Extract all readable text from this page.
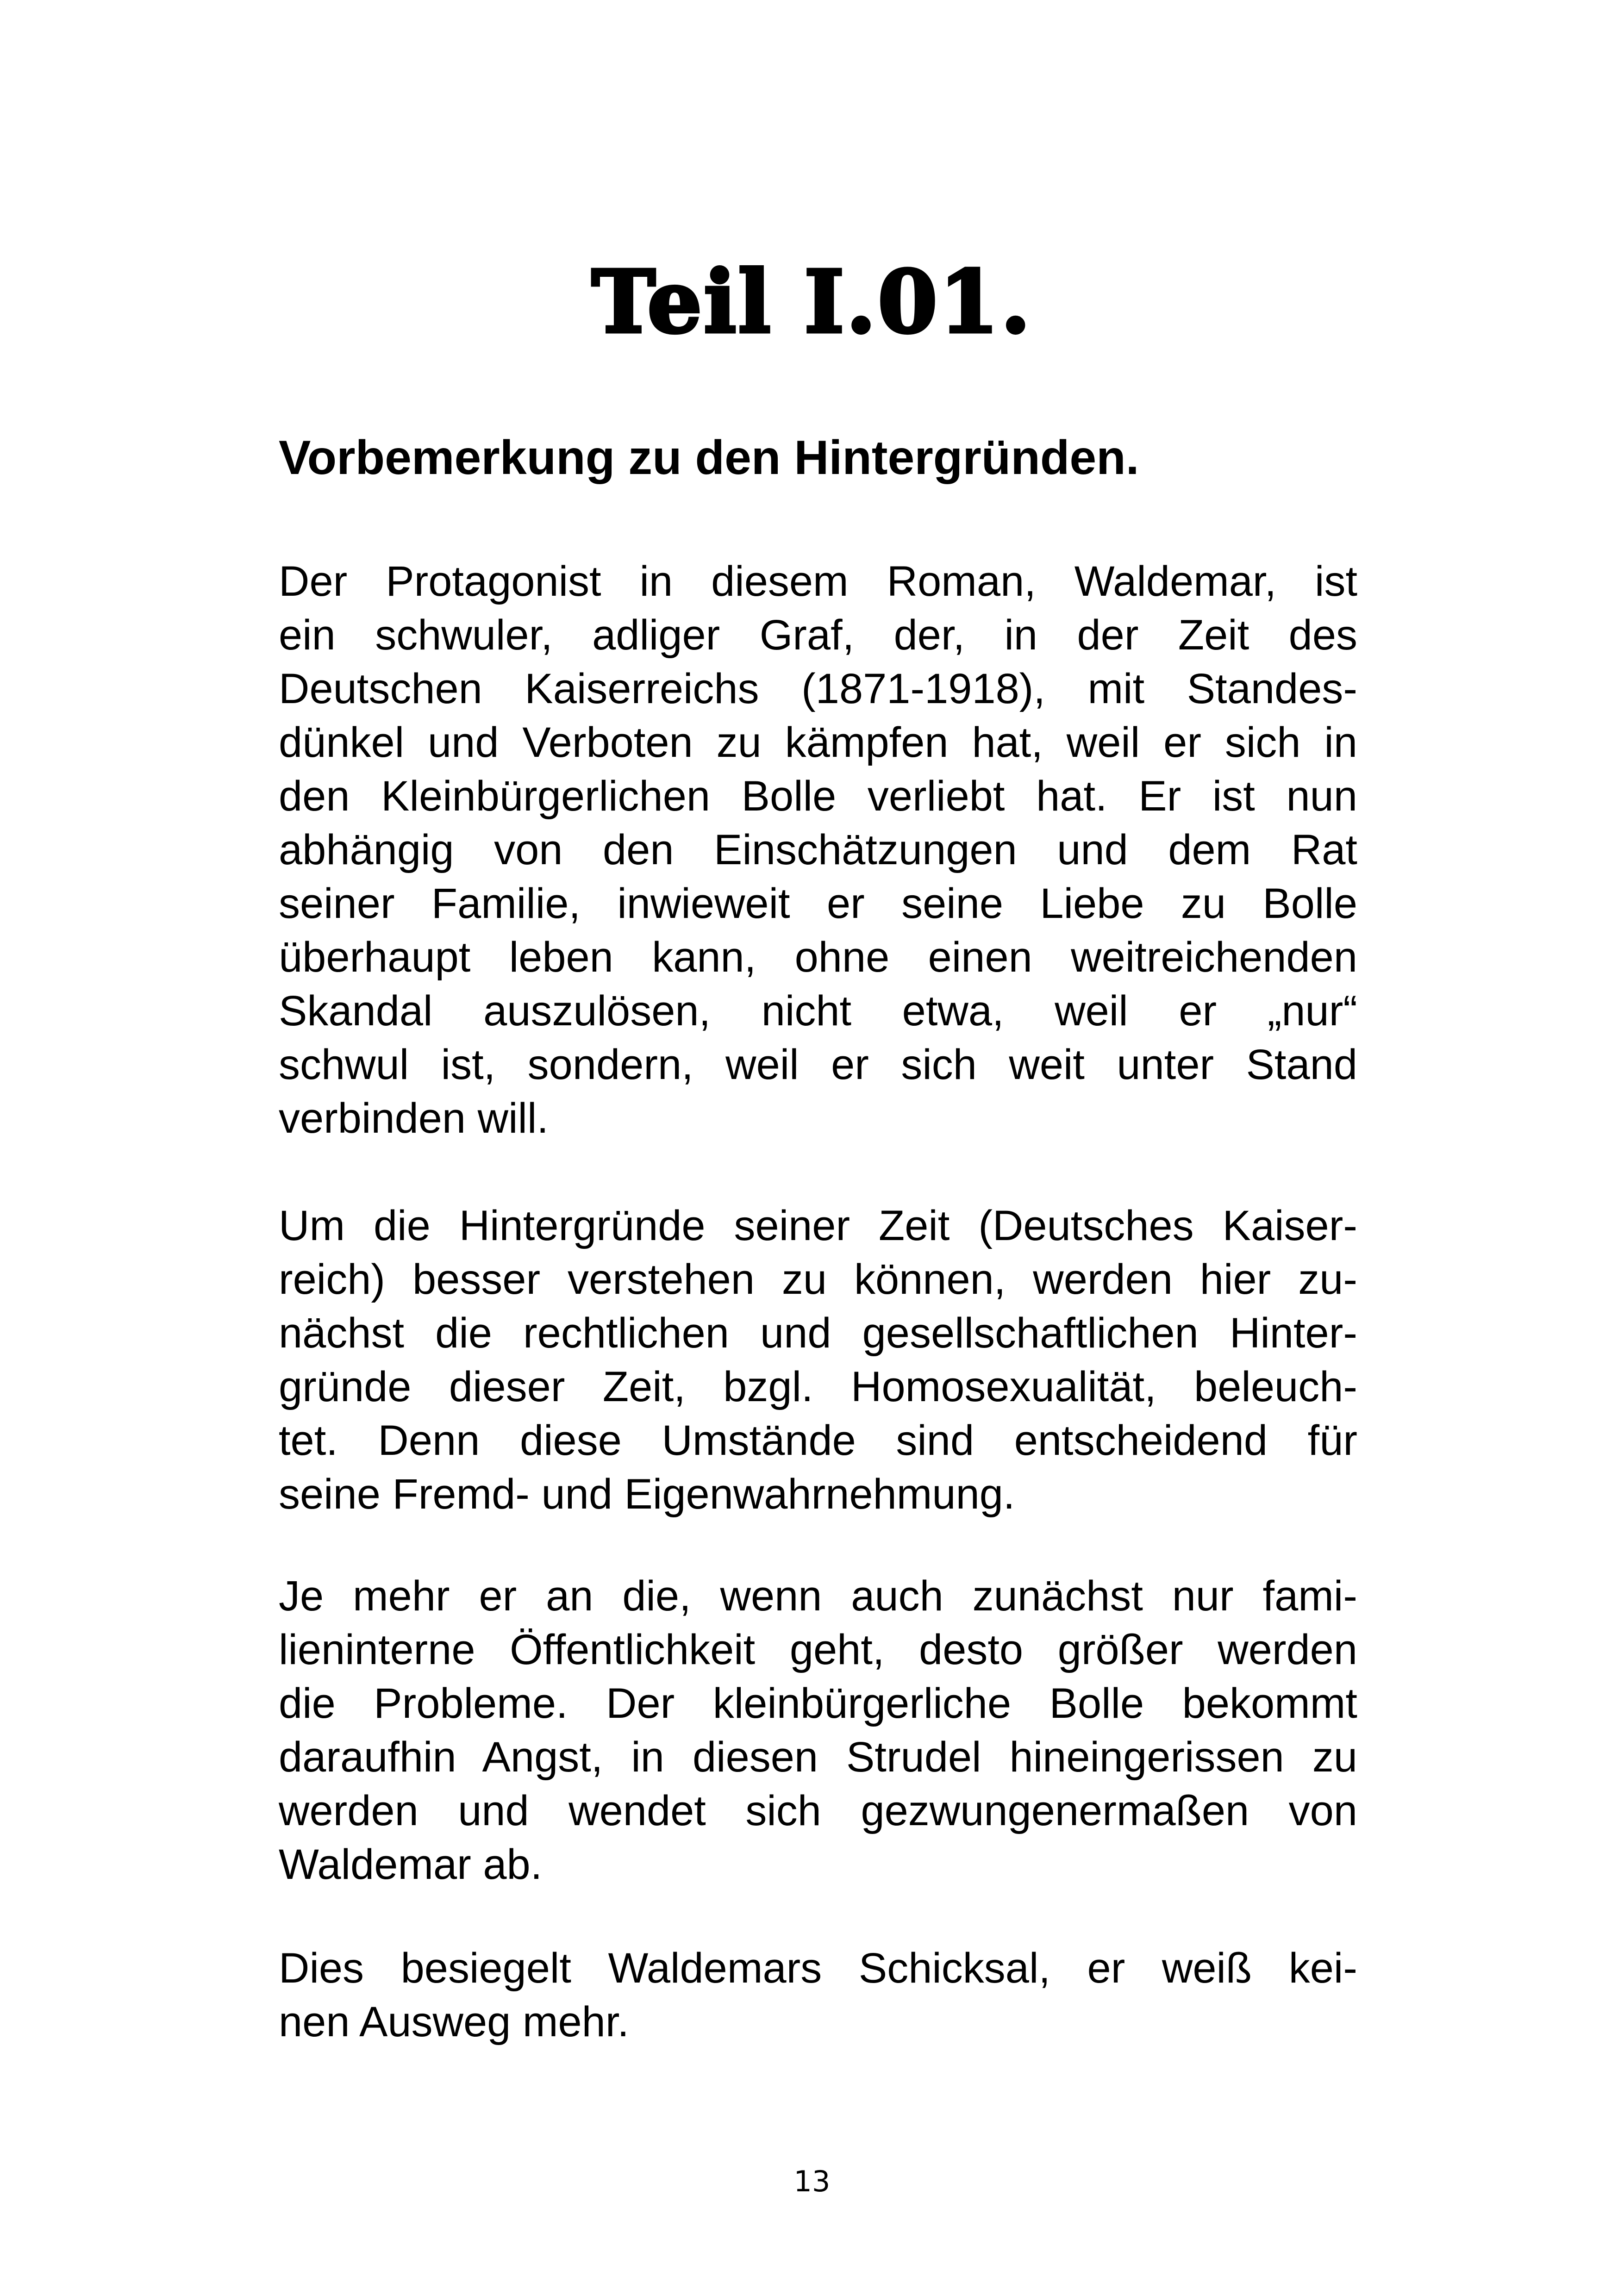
Teil I.01.
Vorbemerkung zu den Hintergründen.

Der Protagonist in diesem Roman, Waldemar, ist
ein schwuler, adliger Graf, der, in der Zeit des
Deutschen Kaiserreichs (1871-1918), mit Standes-
dünkel und Verboten zu kämpfen hat, weil er sich in
den Kleinbürgerlichen Bolle verliebt hat. Er ist nun
abhängig von den Einschätzungen und dem Rat
seiner Familie, inwieweit er seine Liebe zu Bolle
überhaupt leben kann, ohne einen weitreichenden
Skandal auszulösen, nicht etwa, weil er „nur“
schwul ist, sondern, weil er sich weit unter Stand
verbinden will.

Um die Hintergründe seiner Zeit (Deutsches Kaiser-
reich) besser verstehen zu können, werden hier zu-
nächst die rechtlichen und gesellschaftlichen Hinter-
gründe dieser Zeit, bzgl. Homosexualität, beleuch-
tet. Denn diese Umstände sind entscheidend für
seine Fremd- und Eigenwahrnehmung.

Je mehr er an die, wenn auch zunächst nur fami-
lieninterne Öffentlichkeit geht, desto größer werden
die Probleme. Der kleinbürgerliche Bolle bekommt
daraufhin Angst, in diesen Strudel hineingerissen zu
werden und wendet sich gezwungenermaßen von
Waldemar ab.

Dies besiegelt Waldemars Schicksal, er weiß kei-
nen Ausweg mehr.

13
